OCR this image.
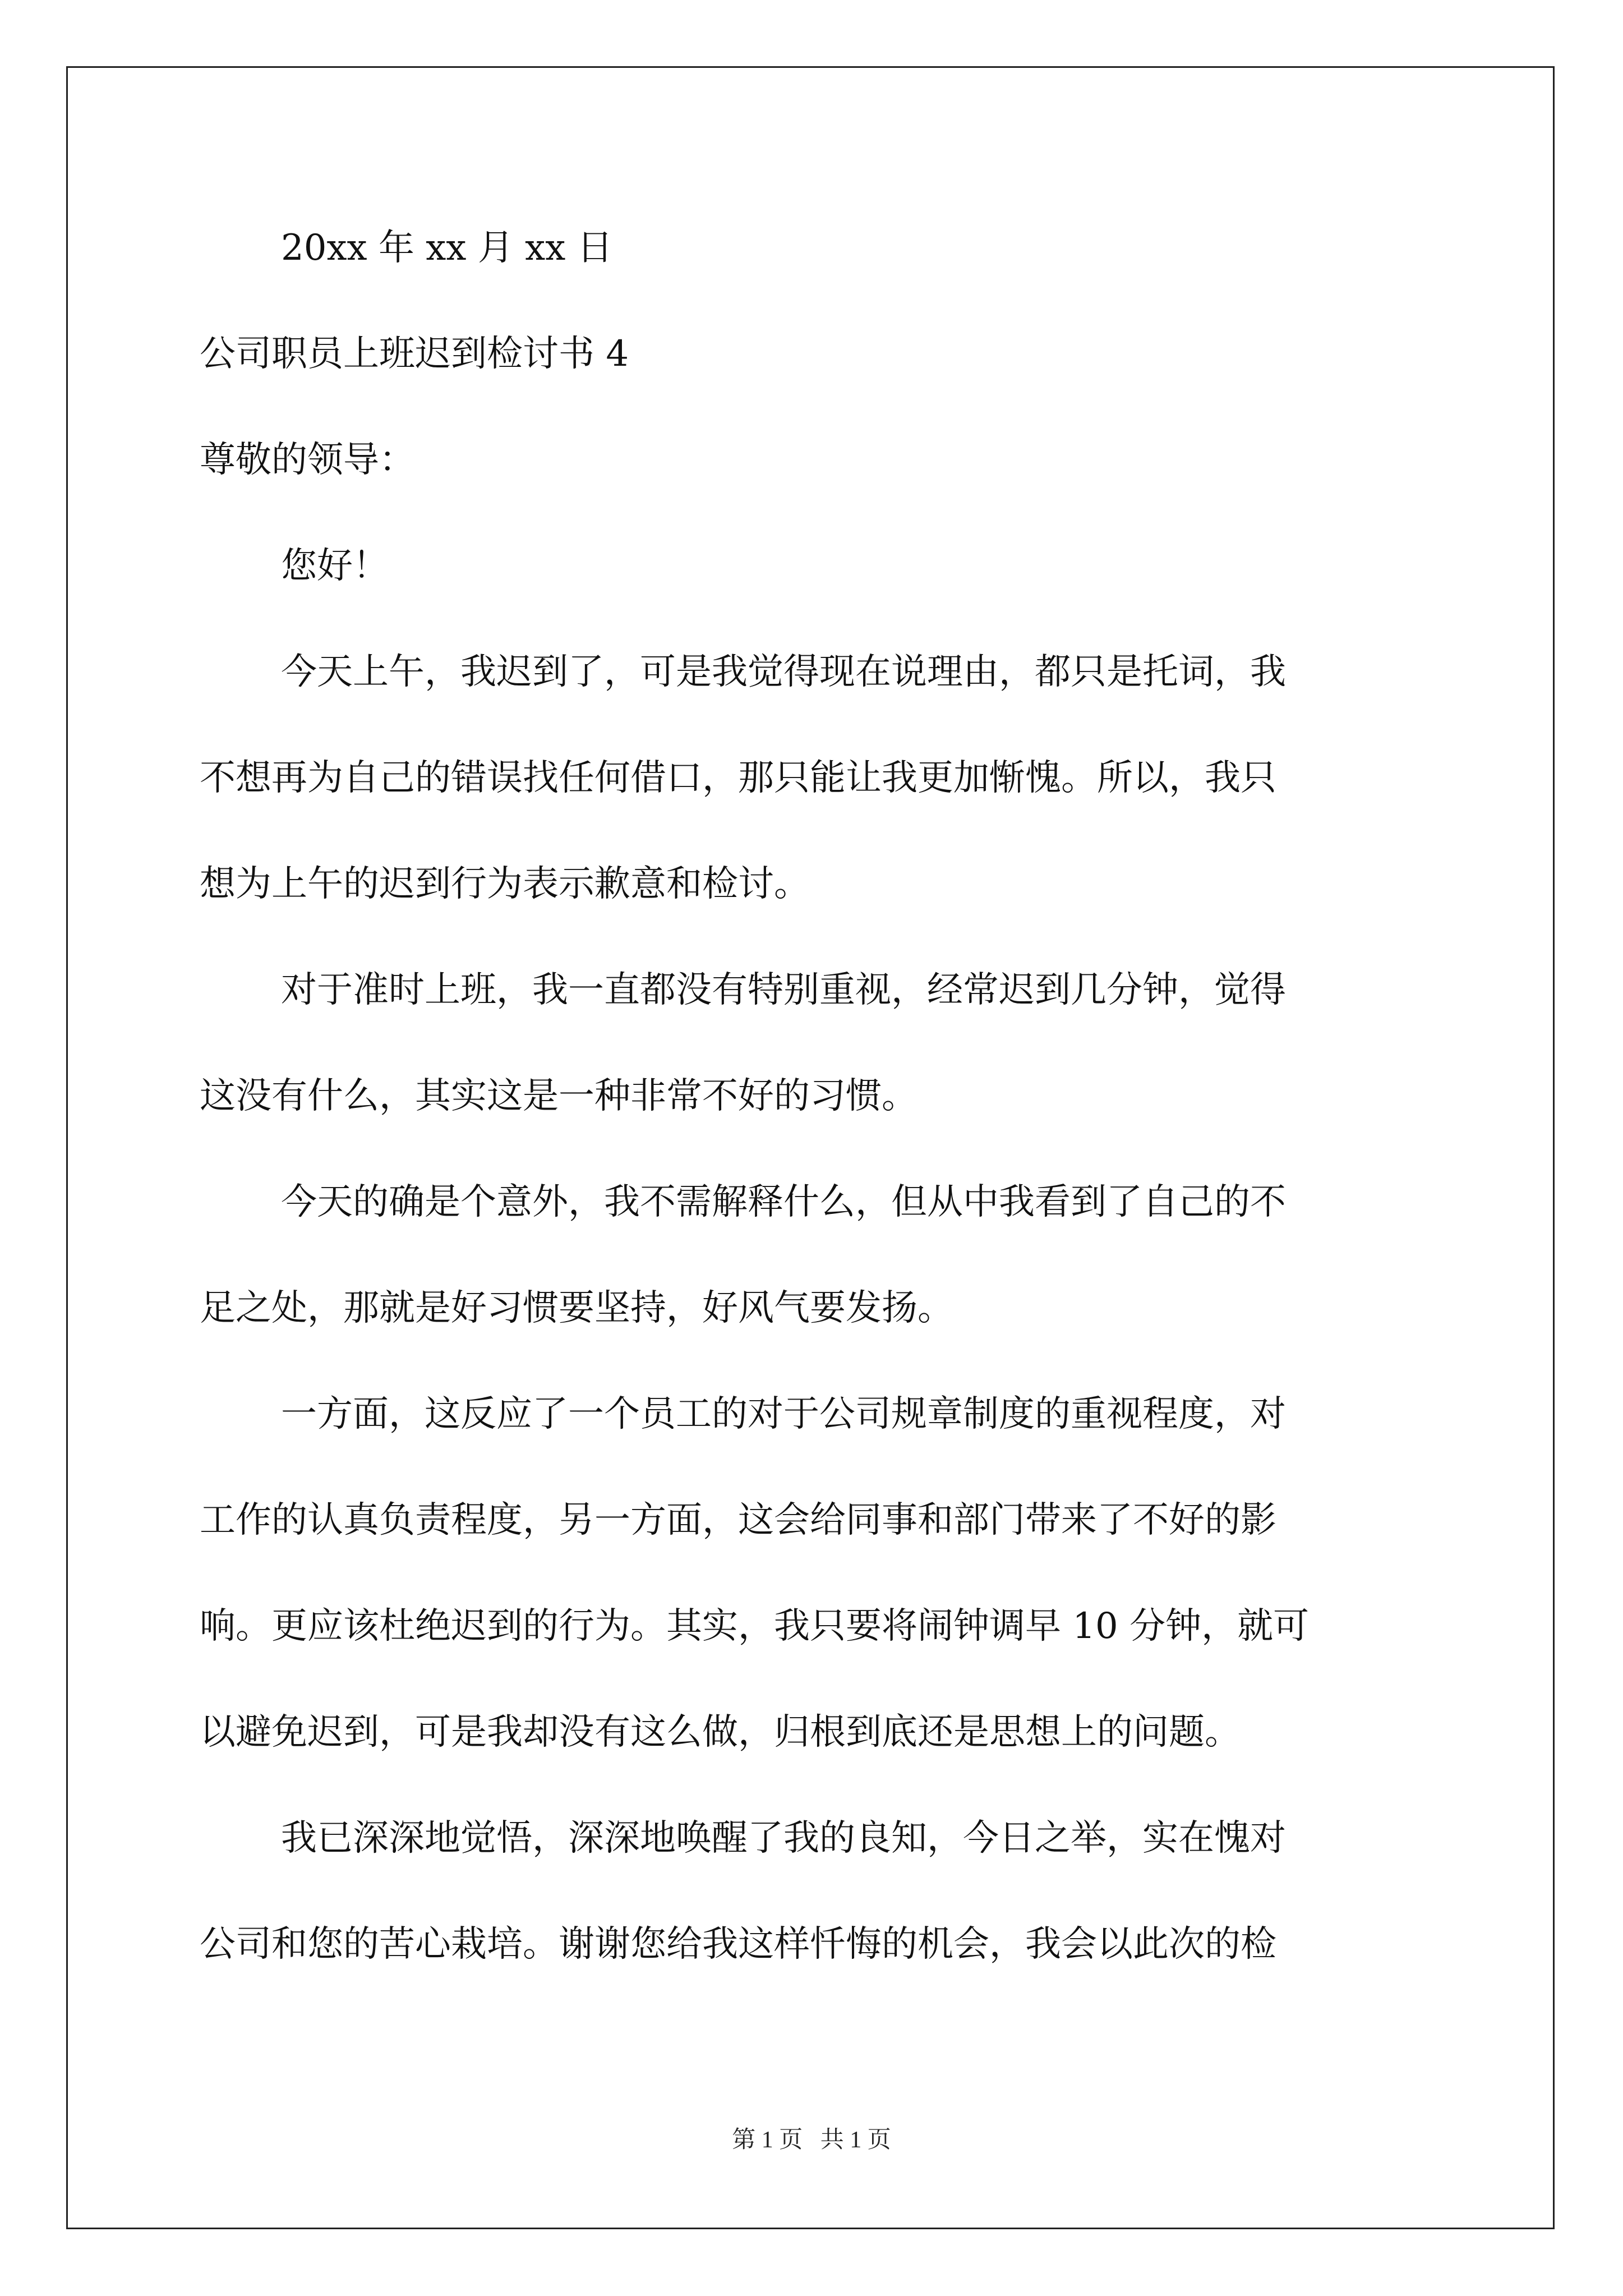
20xx 年 xx 月 xx 日

公司职员上班迟到检讨书 4

尊敬的领导：

您好！

今天上午，我迟到了，可是我觉得现在说理由，都只是托词，我

不想再为自己的错误找任何借口，那只能让我更加惭愧。所以，我只

想为上午的迟到行为表示歉意和检讨。

对于准时上班，我一直都没有特别重视，经常迟到几分钟，觉得

这没有什么，其实这是一种非常不好的习惯。

今天的确是个意外，我不需解释什么，但从中我看到了自己的不

足之处，那就是好习惯要坚持，好风气要发扬。

一方面，这反应了一个员工的对于公司规章制度的重视程度，对

工作的认真负责程度，另一方面，这会给同事和部门带来了不好的影

响。更应该杜绝迟到的行为。其实，我只要将闹钟调早 10 分钟，就可

以避免迟到，可是我却没有这么做，归根到底还是思想上的问题。

我已深深地觉悟，深深地唤醒了我的良知，今日之举，实在愧对

公司和您的苦心栽培。谢谢您给我这样忏悔的机会，我会以此次的检

第 1 页   共 1 页
